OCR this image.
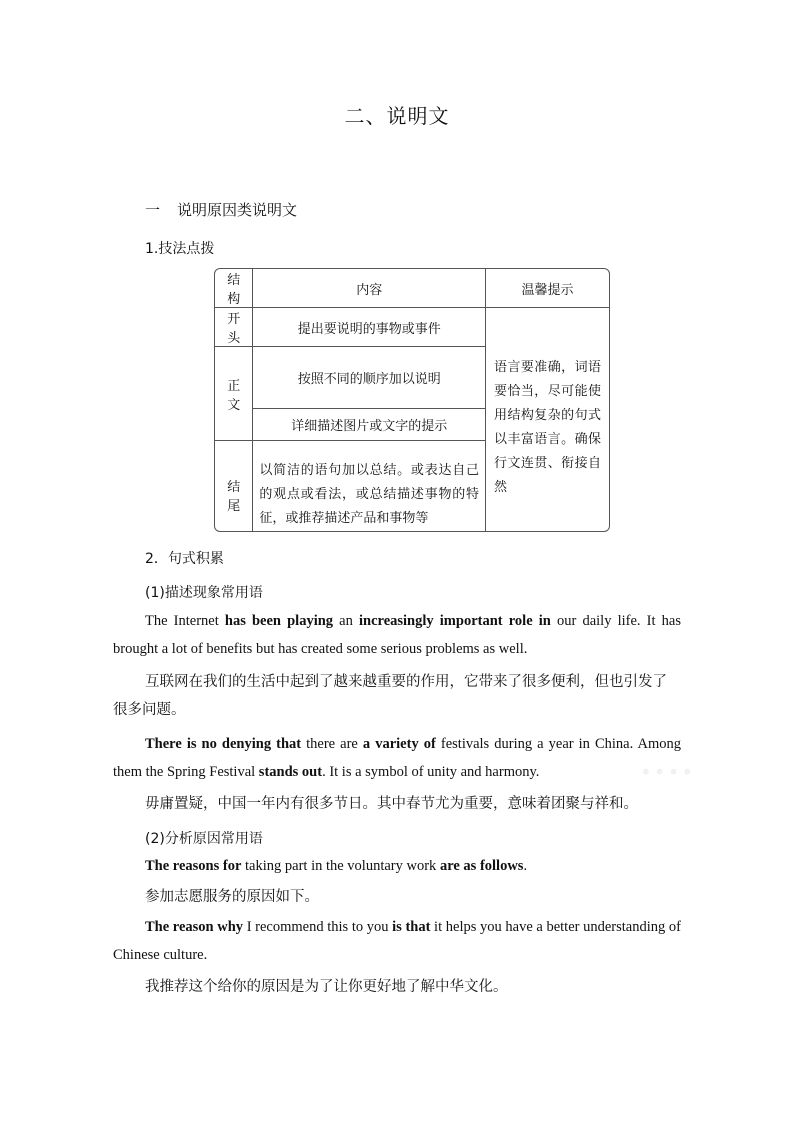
二、说明文
一 说明原因类说明文
1.技法点拨
结构	内容	温馨提示
开头	提出要说明的事物或事件	语言要准确，词语要恰当，尽可能使用结构复杂的句式以丰富语言。确保行文连贯、衔接自然
正文	按照不同的顺序加以说明	
	详细描述图片或文字的提示	
结尾	以简洁的语句加以总结。或表达自己的观点或看法，或总结描述事物的特征，或推荐描述产品和事物等	
2．句式积累
(1)描述现象常用语
The Internet has been playing an increasingly important role in our daily life. It has brought a lot of benefits but has created some serious problems as well.
互联网在我们的生活中起到了越来越重要的作用，它带来了很多便利，但也引发了很多问题。
There is no denying that there are a variety of festivals during a year in China. Among them the Spring Festival stands out. It is a symbol of unity and harmony.
毋庸置疑，中国一年内有很多节日。其中春节尤为重要，意味着团聚与祥和。
(2)分析原因常用语
The reasons for taking part in the voluntary work are as follows.
参加志愿服务的原因如下。
The reason why I recommend this to you is that it helps you have a better understanding of Chinese culture.
我推荐这个给你的原因是为了让你更好地了解中华文化。
••••
